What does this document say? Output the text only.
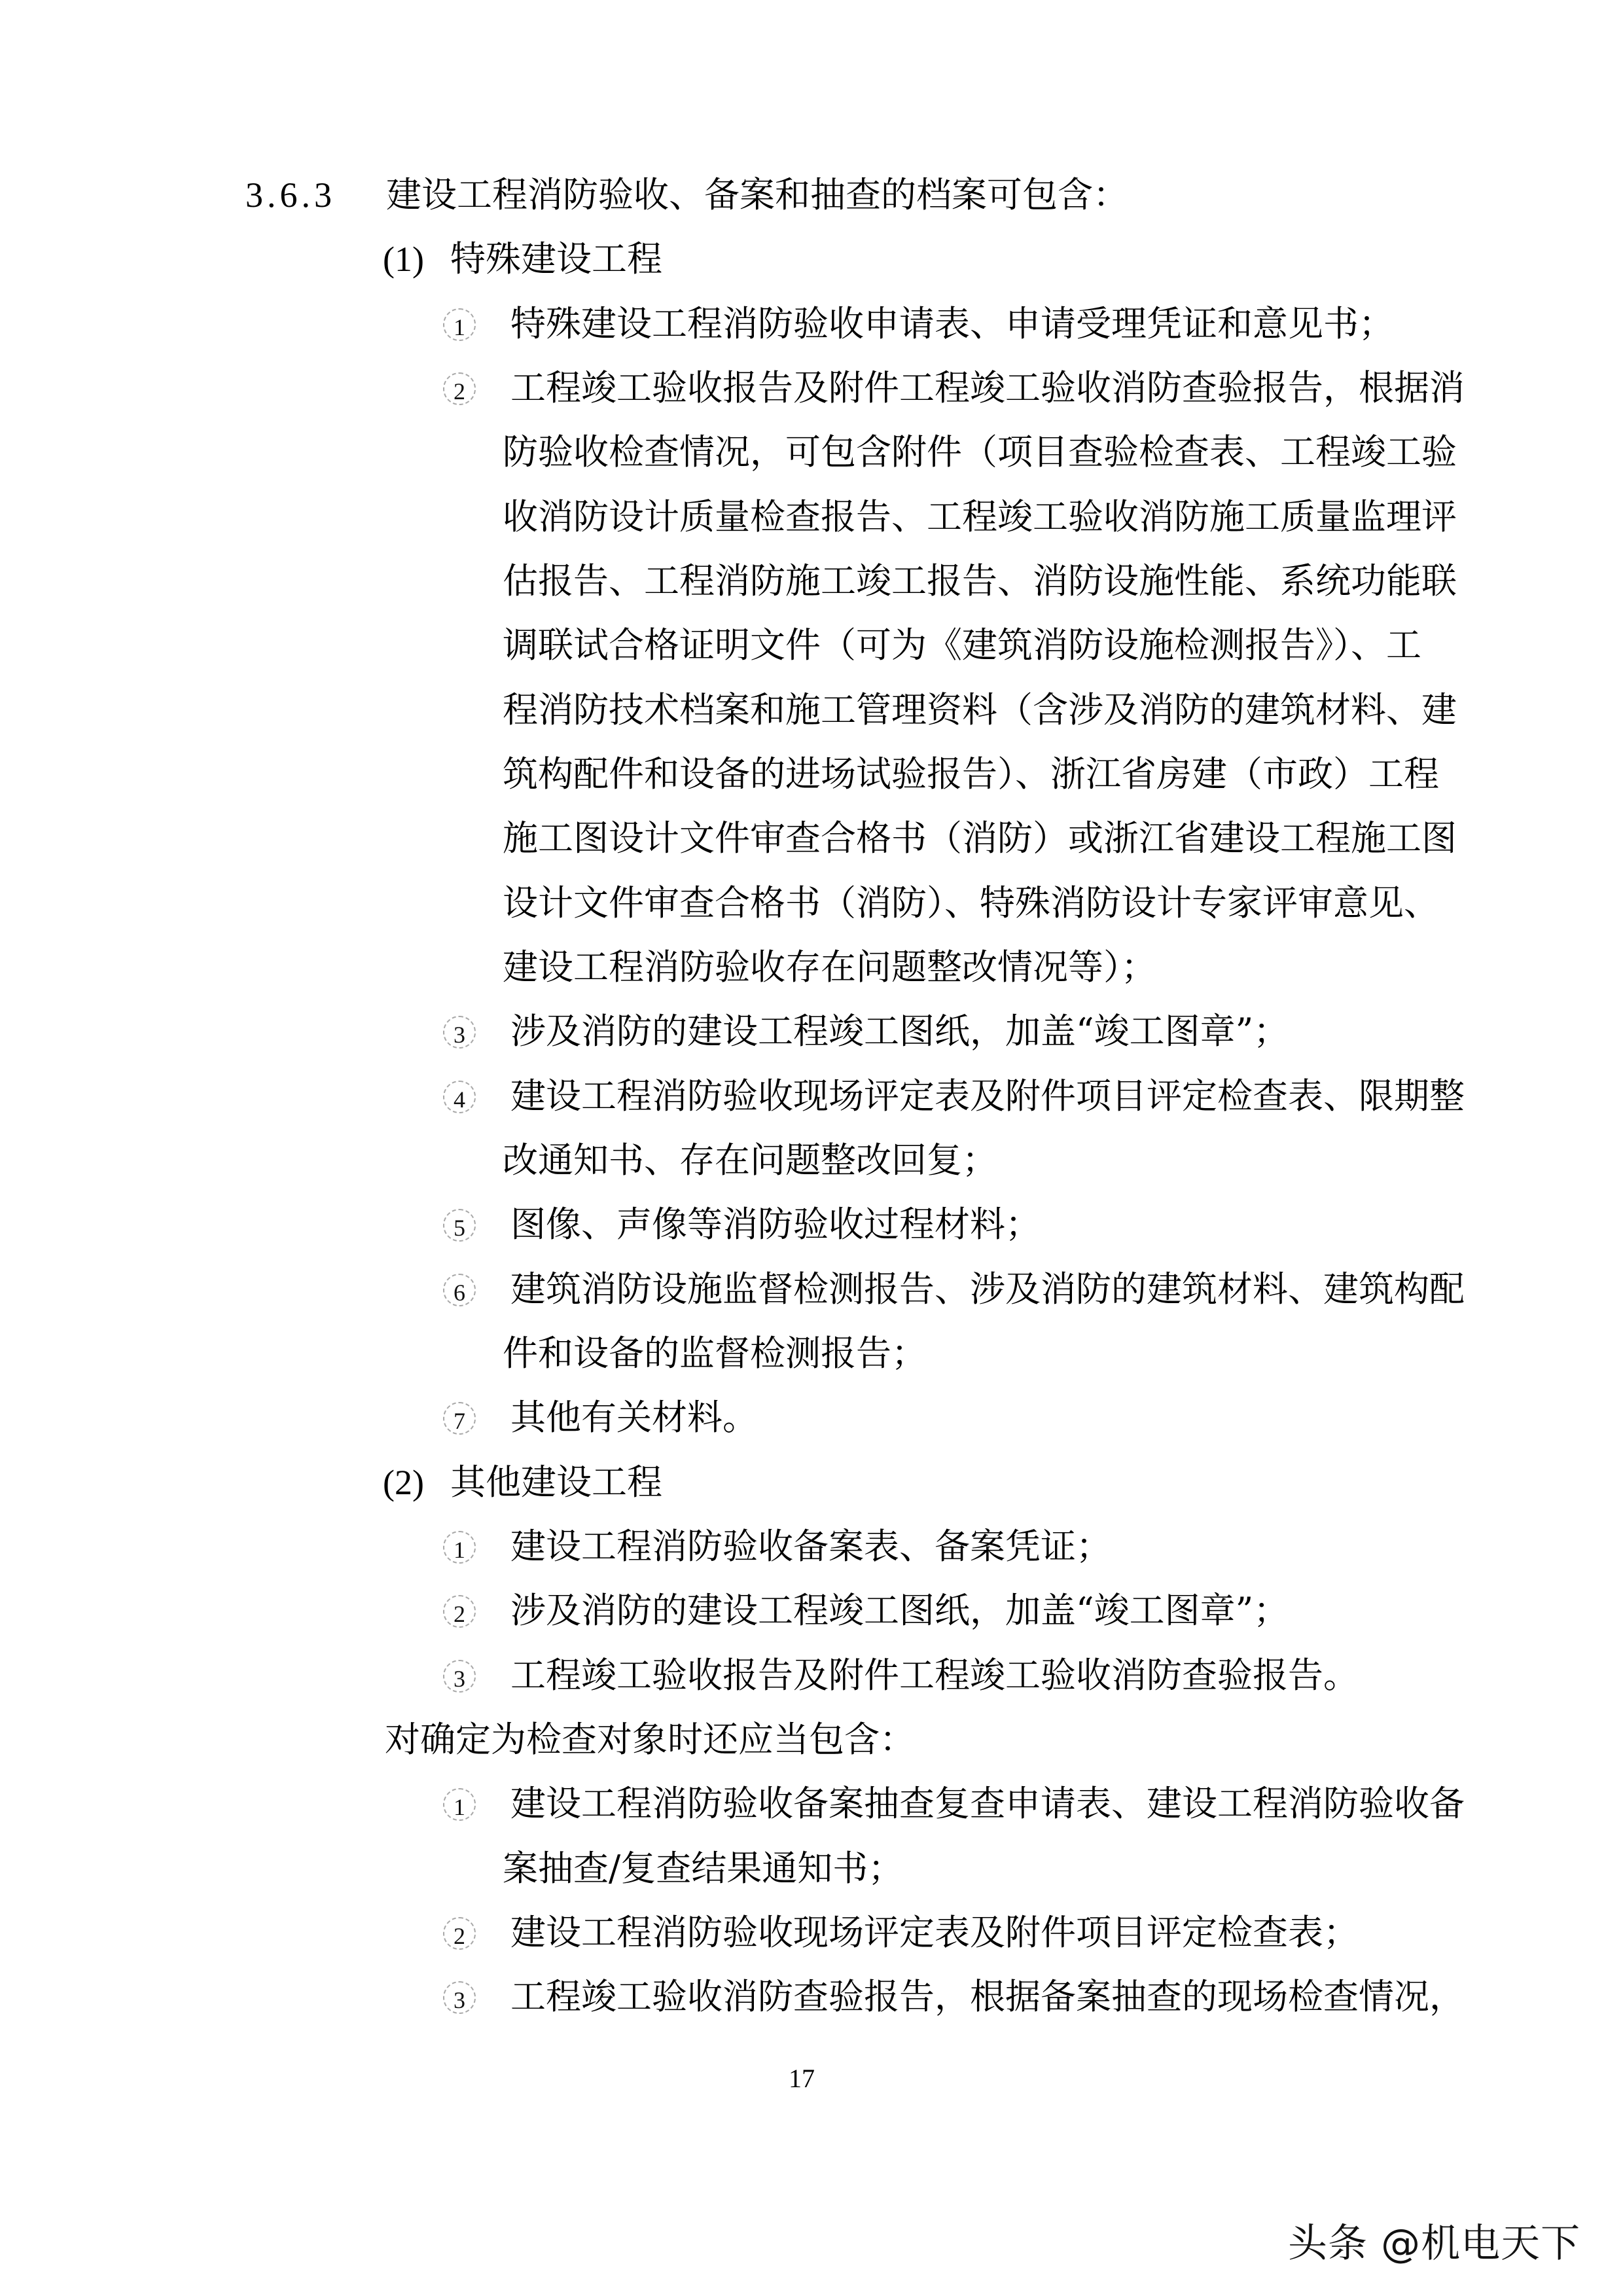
3.6.3 建设工程消防验收、备案和抽查的档案可包含：
(1) 特殊建设工程
1 特殊建设工程消防验收申请表、申请受理凭证和意见书；
2 工程竣工验收报告及附件工程竣工验收消防查验报告，根据消
防验收检查情况，可包含附件（项目查验检查表、工程竣工验
收消防设计质量检查报告、工程竣工验收消防施工质量监理评
估报告、工程消防施工竣工报告、消防设施性能、系统功能联
调联试合格证明文件（可为《建筑消防设施检测报告》）、工
程消防技术档案和施工管理资料（含涉及消防的建筑材料、建
筑构配件和设备的进场试验报告）、浙江省房建（市政）工程
施工图设计文件审查合格书（消防）或浙江省建设工程施工图
设计文件审查合格书（消防）、特殊消防设计专家评审意见、
建设工程消防验收存在问题整改情况等）；
3 涉及消防的建设工程竣工图纸，加盖“竣工图章”；
4 建设工程消防验收现场评定表及附件项目评定检查表、限期整
改通知书、存在问题整改回复；
5 图像、声像等消防验收过程材料；
6 建筑消防设施监督检测报告、涉及消防的建筑材料、建筑构配
件和设备的监督检测报告；
7 其他有关材料。
(2) 其他建设工程
1 建设工程消防验收备案表、备案凭证；
2 涉及消防的建设工程竣工图纸，加盖“竣工图章”；
3 工程竣工验收报告及附件工程竣工验收消防查验报告。
对确定为检查对象时还应当包含：
1 建设工程消防验收备案抽查复查申请表、建设工程消防验收备
案抽查/复查结果通知书；
2 建设工程消防验收现场评定表及附件项目评定检查表；
3 工程竣工验收消防查验报告，根据备案抽查的现场检查情况，
17
头条 @机电天下
